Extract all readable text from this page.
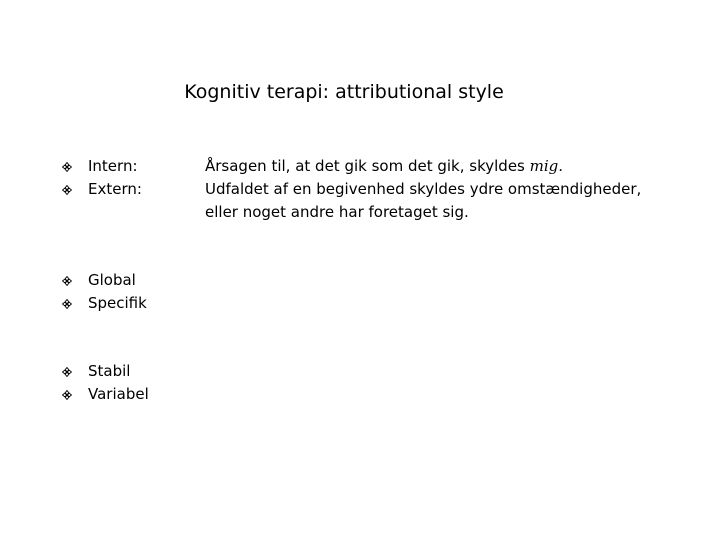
Kognitiv terapi: attributional style
Intern:
Extern:
Årsagen til, at det gik som det gik, skyldes mig.
Udfaldet af en begivenhed skyldes ydre omstændigheder,
eller noget andre har foretaget sig.
Global
Specifik
Stabil
Variabel
